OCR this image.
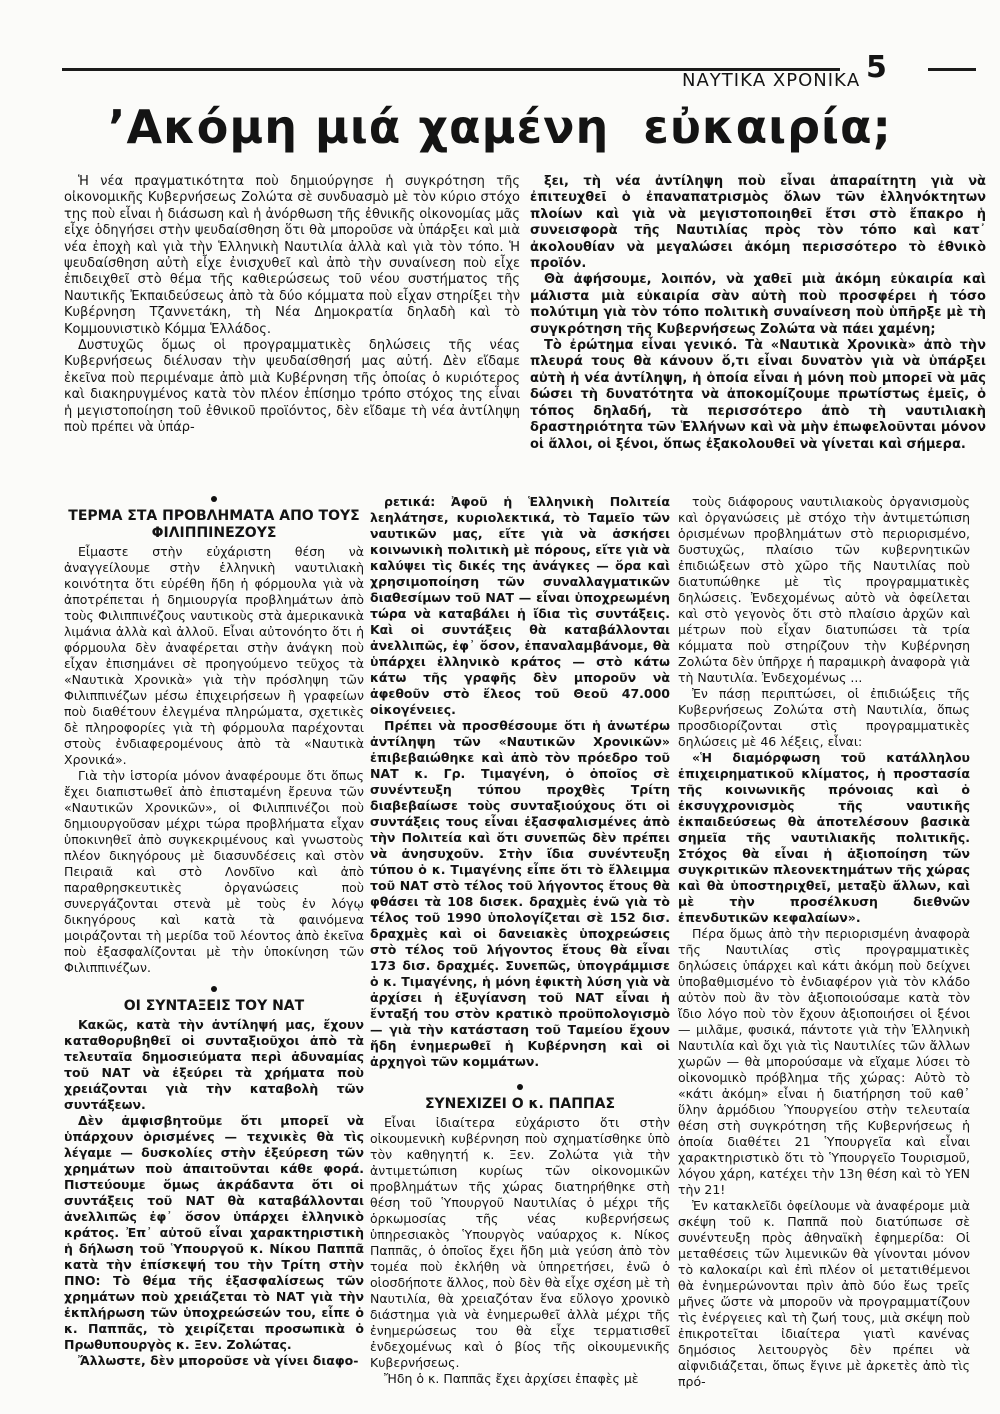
ΝΑΥΤΙΚΑ ΧΡΟΝΙΚΑ 5
’Ακόμη μιά χαμένη  εὐκαιρία;

Ἡ νέα πραγματικότητα ποὺ δημιούργησε ἡ συγκρότηση τῆς οἰκονομικῆς Κυβερνήσεως Ζολώτα σὲ συνδυασμὸ μὲ τὸν κύριο στόχο της ποὺ εἶναι ἡ διάσωση καὶ ἡ ἀνόρθωση τῆς ἐθνικῆς οἰκονομίας μᾶς εἶχε ὁδηγήσει στὴν ψευδαίσθηση ὅτι θὰ μποροῦσε νὰ ὑπάρξει καὶ μιὰ νέα ἐποχὴ καὶ γιὰ τὴν Ἑλληνικὴ Ναυτιλία ἀλλὰ καὶ γιὰ τὸν τόπο. Ἡ ψευδαίσθηση αὐτὴ εἶχε ἐνισχυθεῖ καὶ ἀπὸ τὴν συναίνεση ποὺ εἶχε ἐπιδειχθεῖ στὸ θέμα τῆς καθιερώσεως τοῦ νέου συστήματος τῆς Ναυτικῆς Ἐκπαιδεύσεως ἀπὸ τὰ δύο κόμματα ποὺ εἶχαν στηρίξει τὴν Κυβέρνηση Τζαννετάκη, τὴ Νέα Δημοκρατία δηλαδὴ καὶ τὸ Κομμουνιστικὸ Κόμμα Ἑλλάδος.

Δυστυχῶς ὅμως οἱ προγραμματικὲς δηλώσεις τῆς νέας Κυβερνήσεως διέλυσαν τὴν ψευδαίσθησή μας αὐτή. Δὲν εἴδαμε ἐκεῖνα ποὺ περιμέναμε ἀπὸ μιὰ Κυβέρνηση τῆς ὁποίας ὁ κυριότερος καὶ διακηρυγμένος κατὰ τὸν πλέον ἐπίσημο τρόπο στόχος της εἶναι ἡ μεγιστοποίηση τοῦ ἐθνικοῦ προϊόντος, δὲν εἴδαμε τὴ νέα ἀντίληψη ποὺ πρέπει νὰ ὑπάρ-

ξει, τὴ νέα ἀντίληψη ποὺ εἶναι ἀπαραίτητη γιὰ νὰ ἐπιτευχθεῖ ὁ ἐπαναπατρισμὸς ὅλων τῶν ἑλληνόκτητων πλοίων καὶ γιὰ νὰ μεγιστοποιηθεῖ ἔτσι στὸ ἔπακρο ἡ συνεισφορὰ τῆς Ναυτιλίας πρὸς τὸν τόπο καὶ κατ᾽ ἀκολουθίαν νὰ μεγαλώσει ἀκόμη περισσότερο τὸ ἐθνικὸ προϊόν.

Θὰ ἀφήσουμε, λοιπόν, νὰ χαθεῖ μιὰ ἀκόμη εὐκαιρία καὶ μάλιστα μιὰ εὐκαιρία σὰν αὐτὴ ποὺ προσφέρει ἡ τόσο πολύτιμη γιὰ τὸν τόπο πολιτικὴ συναίνεση ποὺ ὑπῆρξε μὲ τὴ συγκρότηση τῆς Κυβερνήσεως Ζολώτα νὰ πάει χαμένη;

Τὸ ἐρώτημα εἶναι γενικό. Τὰ «Ναυτικὰ Χρονικὰ» ἀπὸ τὴν πλευρά τους θὰ κάνουν ὅ,τι εἶναι δυνατὸν γιὰ νὰ ὑπάρξει αὐτὴ ἡ νέα ἀντίληψη, ἡ ὁποία εἶναι ἡ μόνη ποὺ μπορεῖ νὰ μᾶς δώσει τὴ δυνατότητα νὰ ἀποκομίζουμε πρωτίστως ἐμεῖς, ὁ τόπος δηλαδή, τὰ περισσότερο ἀπὸ τὴ ναυτιλιακὴ δραστηριότητα τῶν Ἑλλήνων καὶ νὰ μὴν ἐπωφελοῦνται μόνον οἱ ἄλλοι, οἱ ξένοι, ὅπως ἐξακολουθεῖ νὰ γίνεται καὶ σήμερα.

ΤΕΡΜΑ ΣΤΑ ΠΡΟΒΛΗΜΑΤΑ ΑΠΟ ΤΟΥΣ ΦΙΛΙΠΠΙΝΕΖΟΥΣ

Εἶμαστε στὴν εὐχάριστη θέση νὰ ἀναγγείλουμε στὴν ἑλληνικὴ ναυτιλιακὴ κοινότητα ὅτι εὑρέθη ἤδη ἡ φόρμουλα γιὰ νὰ ἀποτρέπεται ἡ δημιουργία προβλημάτων ἀπὸ τοὺς Φιλιππινέζους ναυτικοὺς στὰ ἀμερικανικὰ λιμάνια ἀλλὰ καὶ ἀλλοῦ. Εἶναι αὐτονόητο ὅτι ἡ φόρμουλα δὲν ἀναφέρεται στὴν ἀνάγκη ποὺ εἶχαν ἐπισημάνει σὲ προηγούμενο τεῦχος τὰ «Ναυτικὰ Χρονικὰ» γιὰ τὴν πρόσληψη τῶν Φιλιππινέζων μέσω ἐπιχειρήσεων ἢ γραφείων ποὺ διαθέτουν ἐλεγμένα πληρώματα, σχετικὲς δὲ πληροφορίες γιὰ τὴ φόρμουλα παρέχονται στοὺς ἐνδιαφερομένους ἀπὸ τὰ «Ναυτικὰ Χρονικά».

Γιὰ τὴν ἱστορία μόνον ἀναφέρουμε ὅτι ὅπως ἔχει διαπιστωθεῖ ἀπὸ ἐπισταμένη ἔρευνα τῶν «Ναυτικῶν Χρονικῶν», οἱ Φιλιππινέζοι ποὺ δημιουργοῦσαν μέχρι τώρα προβλήματα εἶχαν ὑποκινηθεῖ ἀπὸ συγκεκριμένους καὶ γνωστοὺς πλέον δικηγόρους μὲ διασυνδέσεις καὶ στὸν Πειραιᾶ καὶ στὸ Λονδῖνο καὶ ἀπὸ παραθρησκευτικὲς ὀργανώσεις ποὺ συνεργάζονται στενὰ μὲ τοὺς ἐν λόγῳ δικηγόρους καὶ κατὰ τὰ φαινόμενα μοιράζονται τὴ μερίδα τοῦ λέοντος ἀπὸ ἐκεῖνα ποὺ ἐξασφαλίζονται μὲ τὴν ὑποκίνηση τῶν Φιλιππινέζων.

ΟΙ ΣΥΝΤΑΞΕΙΣ ΤΟΥ ΝΑΤ

Κακῶς, κατὰ τὴν ἀντίληψή μας, ἔχουν καταθορυβηθεῖ οἱ συνταξιοῦχοι ἀπὸ τὰ τελευταῖα δημοσιεύματα περὶ ἀδυναμίας τοῦ ΝΑΤ νὰ ἐξεύρει τὰ χρήματα ποὺ χρειάζονται γιὰ τὴν καταβολὴ τῶν συντάξεων.

Δὲν ἀμφισβητοῦμε ὅτι μπορεῖ νὰ ὑπάρχουν ὁρισμένες — τεχνικὲς θὰ τὶς λέγαμε — δυσκολίες στὴν ἐξεύρεση τῶν χρημάτων ποὺ ἀπαιτοῦνται κάθε φορά. Πιστεύουμε ὅμως ἀκράδαντα ὅτι οἱ συντάξεις τοῦ ΝΑΤ θὰ καταβάλλονται ἀνελλιπῶς ἐφ᾽ ὅσον ὑπάρχει ἑλληνικὸ κράτος. Ἐπ᾽ αὐτοῦ εἶναι χαρακτηριστικὴ ἡ δήλωση τοῦ Ὑπουργοῦ κ. Νίκου Παππᾶ κατὰ τὴν ἐπίσκεψή του τὴν Τρίτη στὴν ΠΝΟ: Τὸ θέμα τῆς ἐξασφαλίσεως τῶν χρημάτων ποὺ χρειάζεται τὸ ΝΑΤ γιὰ τὴν ἐκπλήρωση τῶν ὑποχρεώσεών του, εἶπε ὁ κ. Παππᾶς, τὸ χειρίζεται προσωπικὰ ὁ Πρωθυπουργὸς κ. Ξεν. Ζολώτας.

Ἄλλωστε, δὲν μποροῦσε νὰ γίνει διαφο-

ρετικά: Ἀφοῦ ἡ Ἑλληνικὴ Πολιτεία λεηλάτησε, κυριολεκτικά, τὸ Ταμεῖο τῶν ναυτικῶν μας, εἴτε γιὰ νὰ ἀσκήσει κοινωνικὴ πολιτικὴ μὲ πόρους, εἴτε γιὰ νὰ καλύψει τὶς δικές της ἀνάγκες — ὅρα καὶ χρησιμοποίηση τῶν συναλλαγματικῶν διαθεσίμων τοῦ ΝΑΤ — εἶναι ὑποχρεωμένη τώρα νὰ καταβάλει ἡ ἴδια τὶς συντάξεις. Καὶ οἱ συντάξεις θὰ καταβάλλονται ἀνελλιπῶς, ἐφ᾽ ὅσον, ἐπαναλαμβάνομε, θὰ ὑπάρχει ἑλληνικὸ κράτος — στὸ κάτω κάτω τῆς γραφῆς δὲν μποροῦν νὰ ἀφεθοῦν στὸ ἔλεος τοῦ Θεοῦ 47.000 οἰκογένειες.

Πρέπει νὰ προσθέσουμε ὅτι ἡ ἀνωτέρω ἀντίληψη τῶν «Ναυτικῶν Χρονικῶν» ἐπιβεβαιώθηκε καὶ ἀπὸ τὸν πρόεδρο τοῦ ΝΑΤ κ. Γρ. Τιμαγένη, ὁ ὁποῖος σὲ συνέντευξη τύπου προχθὲς Τρίτη διαβεβαίωσε τοὺς συνταξιούχους ὅτι οἱ συντάξεις τους εἶναι ἐξασφαλισμένες ἀπὸ τὴν Πολιτεία καὶ ὅτι συνεπῶς δὲν πρέπει νὰ ἀνησυχοῦν. Στὴν ἴδια συνέντευξη τύπου ὁ κ. Τιμαγένης εἶπε ὅτι τὸ ἔλλειμμα τοῦ ΝΑΤ στὸ τέλος τοῦ λήγοντος ἔτους θὰ φθάσει τὰ 108 δισεκ. δραχμὲς ἐνῶ γιὰ τὸ τέλος τοῦ 1990 ὑπολογίζεται σὲ 152 δισ. δραχμὲς καὶ οἱ δανειακὲς ὑποχρεώσεις στὸ τέλος τοῦ λήγοντος ἔτους θὰ εἶναι 173 δισ. δραχμές. Συνεπῶς, ὑπογράμμισε ὁ κ. Τιμαγένης, ἡ μόνη ἐφικτὴ λύση γιὰ νὰ ἀρχίσει ἡ ἐξυγίανση τοῦ ΝΑΤ εἶναι ἡ ἔνταξή του στὸν κρατικὸ προϋπολογισμὸ — γιὰ τὴν κατάσταση τοῦ Ταμείου ἔχουν ἤδη ἐνημερωθεῖ ἡ Κυβέρνηση καὶ οἱ ἀρχηγοὶ τῶν κομμάτων.

ΣΥΝΕΧΙΖΕΙ Ο κ. ΠΑΠΠΑΣ

Εἶναι ἰδιαίτερα εὐχάριστο ὅτι στὴν οἰκουμενικὴ κυβέρνηση ποὺ σχηματίσθηκε ὑπὸ τὸν καθηγητή κ. Ξεν. Ζολώτα γιὰ τὴν ἀντιμετώπιση κυρίως τῶν οἰκονομικῶν προβλημάτων τῆς χώρας διατηρήθηκε στὴ θέση τοῦ Ὑπουργοῦ Ναυτιλίας ὁ μέχρι τῆς ὁρκωμοσίας τῆς νέας κυβερνήσεως ὑπηρεσιακὸς Ὑπουργὸς ναύαρχος κ. Νίκος Παππᾶς, ὁ ὁποῖος ἔχει ἤδη μιὰ γεύση ἀπὸ τὸν τομέα ποὺ ἐκλήθη νὰ ὑπηρετήσει, ἐνῶ ὁ οἱοσδήποτε ἄλλος, ποὺ δὲν θὰ εἶχε σχέση μὲ τὴ Ναυτιλία, θὰ χρειαζόταν ἕνα εὔλογο χρονικὸ διάστημα γιὰ νὰ ἐνημερωθεῖ ἀλλὰ μέχρι τῆς ἐνημερώσεως του θὰ εἶχε τερματισθεῖ ἐνδεχομένως καὶ ὁ βίος τῆς οἰκουμενικῆς Κυβερνήσεως.

Ἤδη ὁ κ. Παππᾶς ἔχει ἀρχίσει ἐπαφὲς μὲ

τοὺς διάφορους ναυτιλιακοὺς ὀργανισμοὺς καὶ ὀργανώσεις μὲ στόχο τὴν ἀντιμετώπιση ὁρισμένων προβλημάτων στὸ περιορισμένο, δυστυχῶς, πλαίσιο τῶν κυβερνητικῶν ἐπιδιώξεων στὸ χῶρο τῆς Ναυτιλίας ποὺ διατυπώθηκε μὲ τὶς προγραμματικὲς δηλώσεις. Ἐνδεχομένως αὐτὸ νὰ ὀφείλεται καὶ στὸ γεγονὸς ὅτι στὸ πλαίσιο ἀρχῶν καὶ μέτρων ποὺ εἶχαν διατυπώσει τὰ τρία κόμματα ποὺ στηρίζουν τὴν Κυβέρνηση Ζολώτα δὲν ὑπῆρχε ἡ παραμικρὴ ἀναφορὰ γιὰ τὴ Ναυτιλία. Ἐνδεχομένως ...

Ἐν πάσῃ περιπτώσει, οἱ ἐπιδιώξεις τῆς Κυβερνήσεως Ζολώτα στὴ Ναυτιλία, ὅπως προσδιορίζονται στὶς προγραμματικὲς δηλώσεις μὲ 46 λέξεις, εἶναι:

«Ἡ διαμόρφωση τοῦ κατάλληλου ἐπιχειρηματικοῦ κλίματος, ἡ προστασία τῆς κοινωνικῆς πρόνοιας καὶ ὁ ἐκσυγχρονισμὸς τῆς ναυτικῆς ἐκπαιδεύσεως θὰ ἀποτελέσουν βασικὰ σημεῖα τῆς ναυτιλιακῆς πολιτικῆς. Στόχος θὰ εἶναι ἡ ἀξιοποίηση τῶν συγκριτικῶν πλεονεκτημάτων τῆς χώρας καὶ θὰ ὑποστηριχθεῖ, μεταξὺ ἄλλων, καὶ μὲ τὴν προσέλκυση διεθνῶν ἐπενδυτικῶν κεφαλαίων».

Πέρα ὅμως ἀπὸ τὴν περιορισμένη ἀναφορὰ τῆς Ναυτιλίας στὶς προγραμματικὲς δηλώσεις ὑπάρχει καὶ κάτι ἀκόμη ποὺ δείχνει ὑποβαθμισμένο τὸ ἐνδιαφέρον γιὰ τὸν κλάδο αὐτὸν ποὺ ἂν τὸν ἀξιοποιούσαμε κατὰ τὸν ἴδιο λόγο ποὺ τὸν ἔχουν ἀξιοποιήσει οἱ ξένοι — μιλᾶμε, φυσικά, πάντοτε γιὰ τὴν Ἑλληνικὴ Ναυτιλία καὶ ὄχι γιὰ τὶς Ναυτιλίες τῶν ἄλλων χωρῶν — θὰ μπορούσαμε νὰ εἴχαμε λύσει τὸ οἰκονομικὸ πρόβλημα τῆς χώρας: Αὐτὸ τὸ «κάτι ἀκόμη» εἶναι ἡ διατήρηση τοῦ καθ᾽ ὕλην ἁρμόδιου Ὑπουργείου στὴν τελευταία θέση στὴ συγκρότηση τῆς Κυβερνήσεως ἡ ὁποία διαθέτει 21 Ὑπουργεῖα καὶ εἶναι χαρακτηριστικὸ ὅτι τὸ Ὑπουργεῖο Τουρισμοῦ, λόγου χάρη, κατέχει τὴν 13η θέση καὶ τὸ ΥΕΝ τὴν 21!

Ἐν κατακλεῖδι ὀφείλουμε νὰ ἀναφέρομε μιὰ σκέψη τοῦ κ. Παππᾶ ποὺ διατύπωσε σὲ συνέντευξη πρὸς ἀθηναϊκὴ ἐφημερίδα: Οἱ μεταθέσεις τῶν λιμενικῶν θὰ γίνονται μόνον τὸ καλοκαίρι καὶ ἐπὶ πλέον οἱ μετατιθέμενοι θὰ ἐνημερώνονται πρὶν ἀπὸ δύο ἕως τρεῖς μῆνες ὥστε νὰ μποροῦν νὰ προγραμματίζουν τὶς ἐνέργειες καὶ τὴ ζωή τους, μιὰ σκέψη ποὺ ἐπικροτεῖται ἰδιαίτερα γιατὶ κανένας δημόσιος λειτουργὸς δὲν πρέπει νὰ αἰφνιδιάζεται, ὅπως ἔγινε μὲ ἀρκετὲς ἀπὸ τὶς πρό-
